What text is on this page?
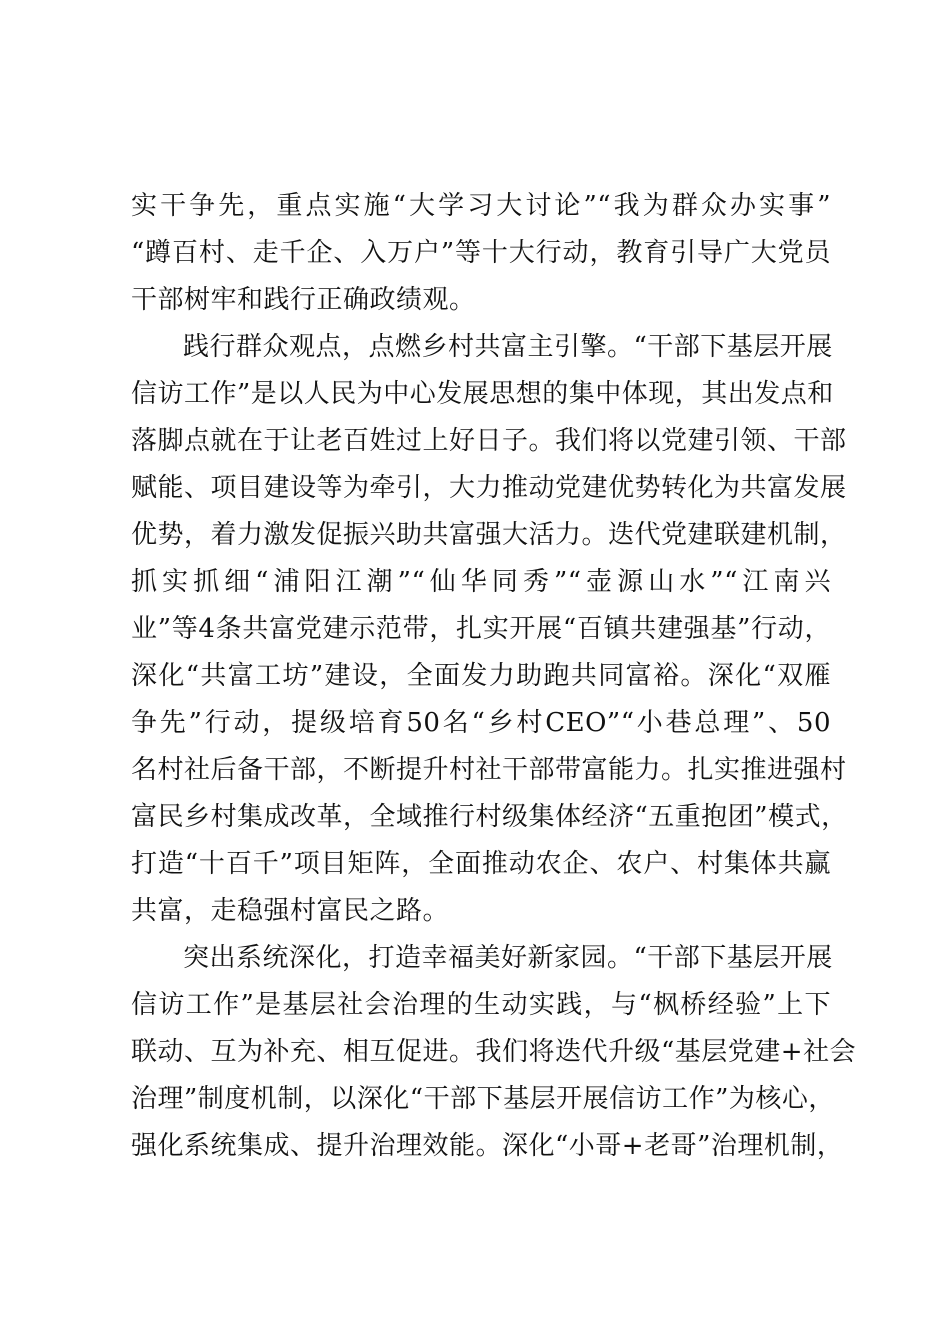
实干争先，重点实施“大学习大讨论”“我为群众办实事”
“蹲百村、走千企、入万户”等十大行动，教育引导广大党员
干部树牢和践行正确政绩观。
践行群众观点，点燃乡村共富主引擎。“干部下基层开展
信访工作”是以人民为中心发展思想的集中体现，其出发点和
落脚点就在于让老百姓过上好日子。我们将以党建引领、干部
赋能、项目建设等为牵引，大力推动党建优势转化为共富发展
优势，着力激发促振兴助共富强大活力。迭代党建联建机制，
抓实抓细“浦阳江潮”“仙华同秀”“壶源山水”“江南兴
业”等4条共富党建示范带，扎实开展“百镇共建强基”行动，
深化“共富工坊”建设，全面发力助跑共同富裕。深化“双雁
争先”行动，提级培育50名“乡村CEO”“小巷总理”、50
名村社后备干部，不断提升村社干部带富能力。扎实推进强村
富民乡村集成改革，全域推行村级集体经济“五重抱团”模式，
打造“十百千”项目矩阵，全面推动农企、农户、村集体共赢
共富，走稳强村富民之路。
突出系统深化，打造幸福美好新家园。“干部下基层开展
信访工作”是基层社会治理的生动实践，与“枫桥经验”上下
联动、互为补充、相互促进。我们将迭代升级“基层党建+社会
治理”制度机制，以深化“干部下基层开展信访工作”为核心，
强化系统集成、提升治理效能。深化“小哥+老哥”治理机制，
